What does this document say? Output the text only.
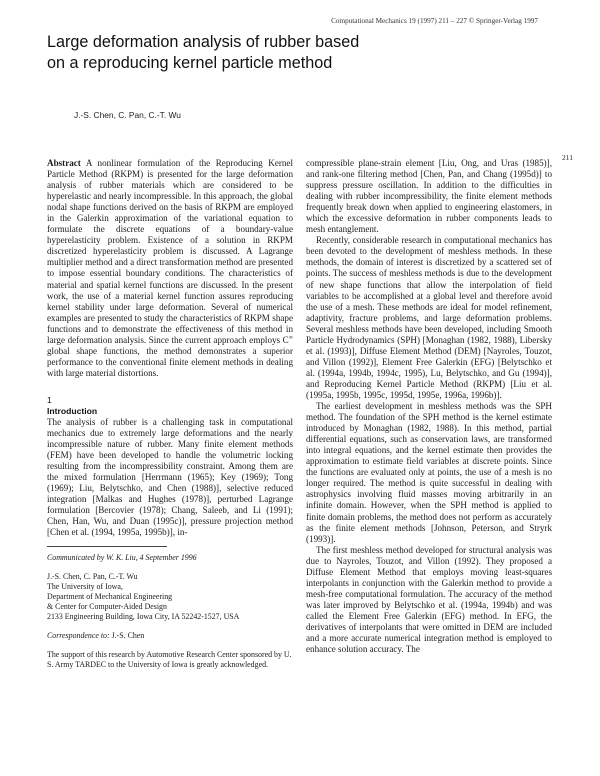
Computational Mechanics 19 (1997) 211 – 227 © Springer-Verlag 1997
Large deformation analysis of rubber based
on a reproducing kernel particle method
J.-S. Chen, C. Pan, C.-T. Wu
211

Abstract A nonlinear formulation of the Reproducing Kernel Particle Method (RKPM) is presented for the large deformation analysis of rubber materials which are considered to be hyperelastic and nearly incompressible. In this approach, the global nodal shape functions derived on the basis of RKPM are employed in the Galerkin approximation of the variational equation to formulate the discrete equations of a boundary-value hyperelasticity problem. Existence of a solution in RKPM discretized hyperelasticity problem is discussed. A Lagrange multiplier method and a direct transformation method are presented to impose essential boundary conditions. The characteristics of material and spatial kernel functions are discussed. In the present work, the use of a material kernel function assures reproducing kernel stability under large deformation. Several of numerical examples are presented to study the characteristics of RKPM shape functions and to demonstrate the effectiveness of this method in large deformation analysis. Since the current approach employs C∞ global shape functions, the method demonstrates a superior performance to the conventional finite element methods in dealing with large material distortions.

1
Introduction

The analysis of rubber is a challenging task in computational mechanics due to extremely large deformations and the nearly incompressible nature of rubber. Many finite element methods (FEM) have been developed to handle the volumetric locking resulting from the incompressibility constraint. Among them are the mixed formulation [Herrmann (1965); Key (1969); Tong (1969); Liu, Belytschko, and Chen (1988)], selective reduced integration [Malkas and Hughes (1978)], perturbed Lagrange formulation [Bercovier (1978); Chang, Saleeb, and Li (1991); Chen, Han, Wu, and Duan (1995c)], pressure projection method [Chen et al. (1994, 1995a, 1995b)], in-

Communicated by W. K. Liu, 4 September 1996

J.-S. Chen, C. Pan, C.-T. Wu
The University of Iowa,
Department of Mechanical Engineering
& Center for Computer-Aided Design
2133 Engineering Building, Iowa City, IA 52242-1527, USA

Correspondence to: J.-S. Chen

The support of this research by Automotive Research Center sponsored by U. S. Army TARDEC to the University of Iowa is greatly acknowledged.

compressible plane-strain element [Liu, Ong, and Uras (1985)], and rank-one filtering method [Chen, Pan, and Chang (1995d)] to suppress pressure oscillation. In addition to the difficulties in dealing with rubber incompressibility, the finite element methods frequently break down when applied to engineering elastomers, in which the excessive deformation in rubber components leads to mesh entanglement.

Recently, considerable research in computational mechanics has been devoted to the development of meshless methods. In these methods, the domain of interest is discretized by a scattered set of points. The success of meshless methods is due to the development of new shape functions that allow the interpolation of field variables to be accomplished at a global level and therefore avoid the use of a mesh. These methods are ideal for model refinement, adaptivity, fracture problems, and large deformation problems. Several meshless methods have been developed, including Smooth Particle Hydrodynamics (SPH) [Monaghan (1982, 1988), Libersky et al. (1993)], Diffuse Element Method (DEM) [Nayroles, Touzot, and Villon (1992)], Element Free Galerkin (EFG) [Belytschko et al. (1994a, 1994b, 1994c, 1995), Lu, Belytschko, and Gu (1994)], and Reproducing Kernel Particle Method (RKPM) [Liu et al. (1995a, 1995b, 1995c, 1995d, 1995e, 1996a, 1996b)].

The earliest development in meshless methods was the SPH method. The foundation of the SPH method is the kernel estimate introduced by Monaghan (1982, 1988). In this method, partial differential equations, such as conservation laws, are transformed into integral equations, and the kernel estimate then provides the approximation to estimate field variables at discrete points. Since the functions are evaluated only at points, the use of a mesh is no longer required. The method is quite successful in dealing with astrophysics involving fluid masses moving arbitrarily in an infinite domain. However, when the SPH method is applied to finite domain problems, the method does not perform as accurately as the finite element methods [Johnson, Peterson, and Stryrk (1993)].

The first meshless method developed for structural analysis was due to Nayroles, Touzot, and Villon (1992). They proposed a Diffuse Element Method that employs moving least-squares interpolants in conjunction with the Galerkin method to provide a mesh-free computational formulation. The accuracy of the method was later improved by Belytschko et al. (1994a, 1994b) and was called the Element Free Galerkin (EFG) method. In EFG, the derivatives of interpolants that were omitted in DEM are included and a more accurate numerical integration method is employed to enhance solution accuracy. The
